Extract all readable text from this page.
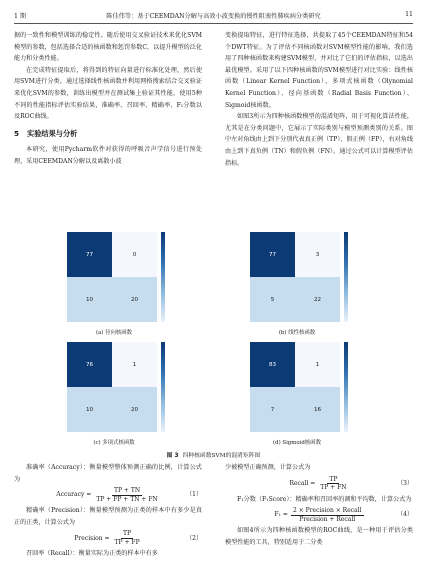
1 期	陈佳伟等：基于CEEMDAN分解与高效小波变换的慢性阻塞性肺疾病分类研究	11

据的一致性和模型训练的稳定性。随后使用交叉验证技术来优化SVM模型的参数，包括选择合适的核函数和惩罚参数C，以提升模型的泛化能力和分类性能。

在完成特征提取后，将得到的特征向量进行标准化处理，然后使用SVM进行分类。通过选择线性核函数并利用网格搜索结合交叉验证来优化SVM的参数，训练出模型并在测试集上验证其性能，使用5种不同的性能指标评估实验结果，准确率、召回率、精确率、F₁分数以及ROC曲线。

5 实验结果与分析

本研究，使用Pycharm软件对获得的呼吸音声学信号进行预处理，采用CEEMDAN分解以及离散小波

变换提取特征，进行特征选择，共提取了45个CEEMDAN特征和54个DWT特征。为了评估不同核函数对SVM模型性能的影响，我们选用了四种核函数来构建SVM模型，并对比了它们的评估指标，以选出最优模型。采用了以下四种核函数的SVM模型进行对比实验：线性核函数（Linear Kernel Function）、多项式核函数（Olynomial Kernel Function）、径向基函数（Radial Basis Function）、Sigmoid核函数。

如图3所示为四种核函数模型的混淆矩阵，用于可视化算法性能，尤其是在分类问题中，它展示了实际类别与模型预测类别的关系。图中左对角线由上到下分别代表真正例（TP）、假正例（FP），右对角线由上到下真负例（TN）和假负例（FN）。通过公式可以计算模型评估指标。

77	0
10	20
(a) 径向核函数
77	3
5	22
(b) 线性核函数
76	1
10	20
(c) 多项式核函数
83	1
7	16
(d) Sigmoid核函数
图 3 四种核函数SVM的混淆矩阵图

准确率（Accuracy）：衡量模型整体预测正确的比例，计算公式为

Accuracy = $\frac{TP + TN}{TP + FP + TN + FN}$	（1）

精确率（Precision）：衡量模型预测为正类的样本中有多少是真正的正类，计算公式为

Precision = $\frac{TP}{TP + FP}$	（2）

召回率（Recall）：衡量实际为正类的样本中有多

少被模型正确预测，计算公式为

Recall = $\frac{TP}{TP + FN}$	（3）

F₁分数（F₁Score）：精确率和召回率的调和平均数，计算公式为

$F_1 = \frac{\text{2 × Precision × Recall}}{\text{Precision + Recall}}$	（4）

如图4所示为四种核函数模型的ROC曲线，是一种用于评估分类模型性能的工具，特别适用于二分类
